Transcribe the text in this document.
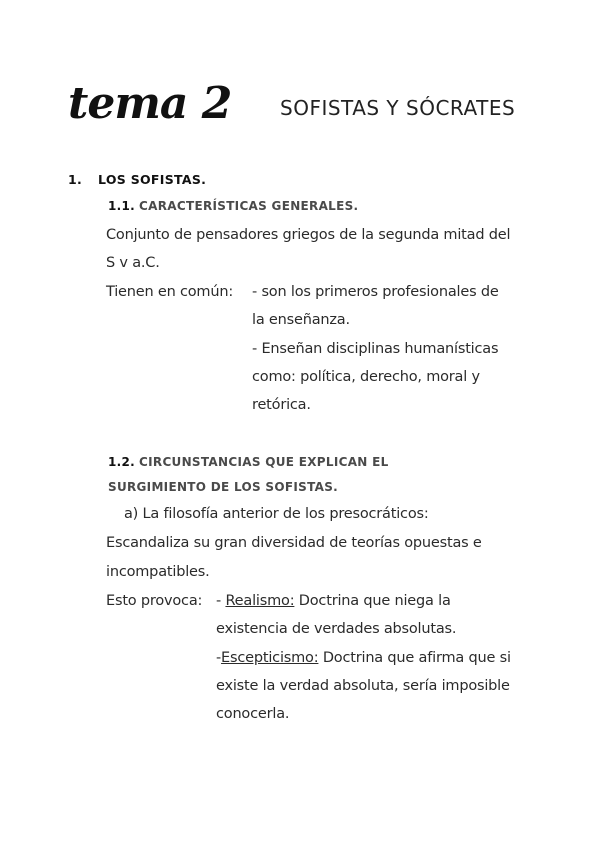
tema 2 SOFISTAS Y SÓCRATES
1. LOS SOFISTAS.
1.1. CARACTERÍSTICAS GENERALES.
Conjunto de pensadores griegos de la segunda mitad del
S v a.C.
Tienen en común: - son los primeros profesionales de
la enseñanza.
- Enseñan disciplinas humanísticas
como: política, derecho, moral y
retórica.
1.2. CIRCUNSTANCIAS QUE EXPLICAN EL
SURGIMIENTO DE LOS SOFISTAS.
a) La filosofía anterior de los presocráticos:
Escandaliza su gran diversidad de teorías opuestas e
incompatibles.
Esto provoca: - Realismo: Doctrina que niega la
existencia de verdades absolutas.
-Escepticismo: Doctrina que afirma que si
existe la verdad absoluta, sería imposible
conocerla.
